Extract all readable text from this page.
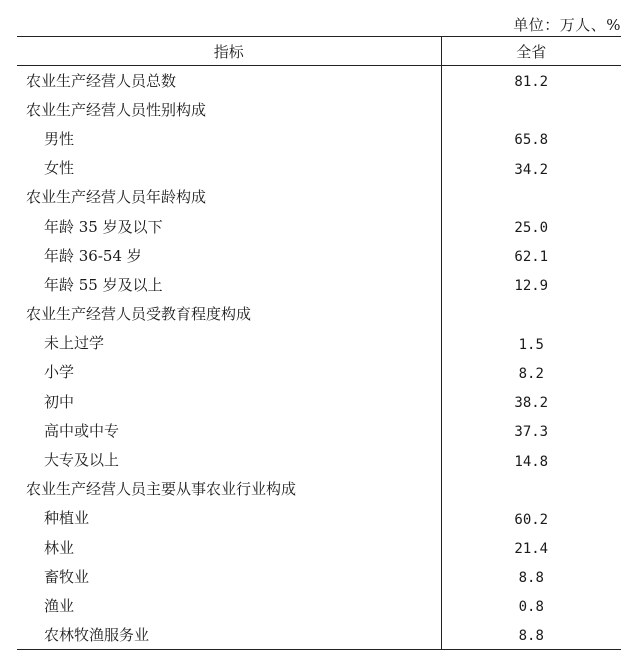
单位：万人、%
指标	全省
农业生产经营人员总数	81.2
农业生产经营人员性别构成	
男性	65.8
女性	34.2
农业生产经营人员年龄构成	
年龄 35 岁及以下	25.0
年龄 36-54 岁	62.1
年龄 55 岁及以上	12.9
农业生产经营人员受教育程度构成	
未上过学	1.5
小学	8.2
初中	38.2
高中或中专	37.3
大专及以上	14.8
农业生产经营人员主要从事农业行业构成	
种植业	60.2
林业	21.4
畜牧业	8.8
渔业	0.8
农林牧渔服务业	8.8
